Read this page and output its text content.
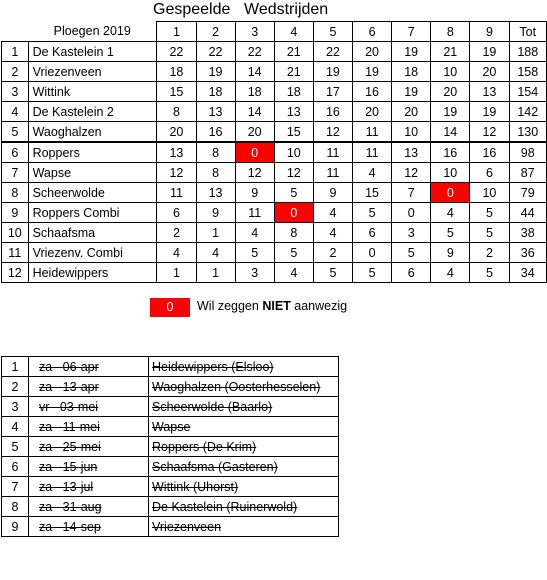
Gespeelde Wedstrijden
	Ploegen 2019	1	2	3	4	5	6	7	8	9	Tot
1	De Kastelein 1	22	22	22	21	22	20	19	21	19	188
2	Vriezenveen	18	19	14	21	19	19	18	10	20	158
3	Wittink	15	18	18	18	17	16	19	20	13	154
4	De Kastelein 2	8	13	14	13	16	20	20	19	19	142
5	Waoghalzen	20	16	20	15	12	11	10	14	12	130
6	Roppers	13	8	0	10	11	11	13	16	16	98
7	Wapse	12	8	12	12	11	4	12	10	6	87
8	Scheerwolde	11	13	9	5	9	15	7	0	10	79
9	Roppers Combi	6	9	11	0	4	5	0	4	5	44
10	Schaafsma	2	1	4	8	4	6	3	5	5	38
11	Vriezenv. Combi	4	4	5	5	2	0	5	9	2	36
12	Heidewippers	1	1	3	4	5	5	6	4	5	34
0	Wil zeggen NIET aanwezig
1	za 06-apr	Heidewippers (Elsloo)
2	za 13-apr	Waoghalzen (Oosterhesselen)
3	vr 03-mei	Scheerwolde (Baarlo)
4	za 11-mei	Wapse
5	za 25-mei	Roppers (De Krim)
6	za 15-jun	Schaafsma (Gasteren)
7	za 13-jul	Wittink (Uhorst)
8	za 31-aug	De Kastelein (Ruinerwold)
9	za 14-sep	Vriezenveen
